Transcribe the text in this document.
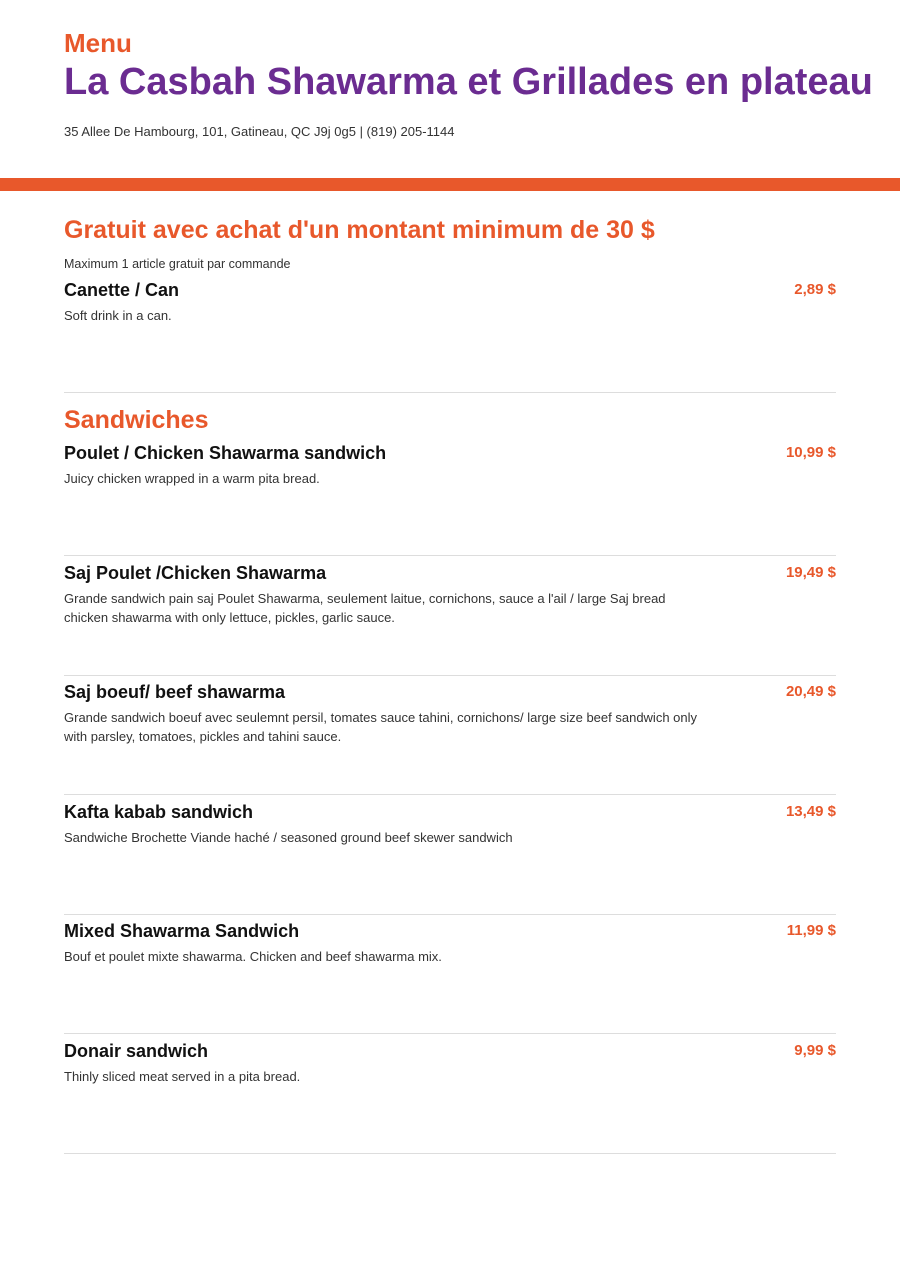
Menu
La Casbah Shawarma et Grillades en plateau
35 Allee De Hambourg, 101, Gatineau, QC J9j 0g5 | (819) 205-1144
Gratuit avec achat d'un montant minimum de 30 $
Maximum 1 article gratuit par commande
Canette / Can	2,89 $
Soft drink in a can.
Sandwiches
Poulet / Chicken Shawarma sandwich	10,99 $
Juicy chicken wrapped in a warm pita bread.
Saj Poulet /Chicken Shawarma	19,49 $
Grande sandwich pain saj Poulet Shawarma, seulement laitue, cornichons, sauce a l'ail / large Saj bread chicken shawarma with only lettuce, pickles, garlic sauce.
Saj boeuf/ beef shawarma	20,49 $
Grande sandwich boeuf avec seulemnt persil, tomates sauce tahini, cornichons/ large size beef sandwich only with parsley, tomatoes, pickles and tahini sauce.
Kafta kabab sandwich	13,49 $
Sandwiche Brochette Viande haché / seasoned ground beef skewer sandwich
Mixed Shawarma Sandwich	11,99 $
Bouf et poulet mixte shawarma. Chicken and beef shawarma mix.
Donair sandwich	9,99 $
Thinly sliced meat served in a pita bread.
